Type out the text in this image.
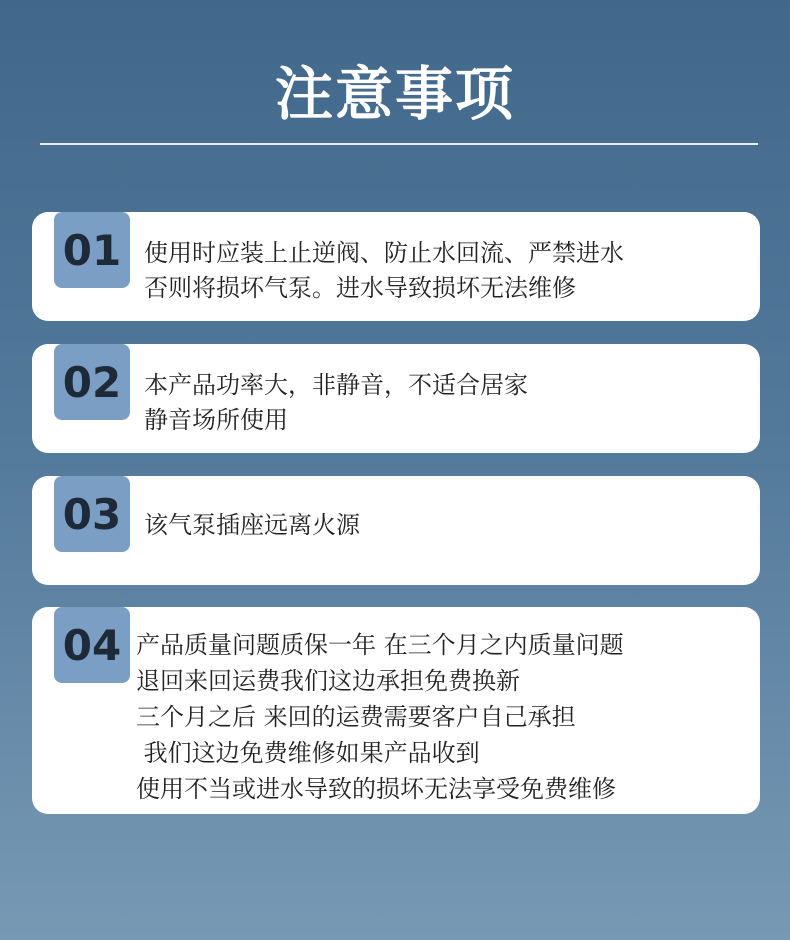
注意事项
01 使用时应装上止逆阀、防止水回流、严禁进水
否则将损坏气泵。进水导致损坏无法维修
02 本产品功率大，非静音，不适合居家
静音场所使用
03 该气泵插座远离火源
04 产品质量问题质保一年 在三个月之内质量问题
退回来回运费我们这边承担免费换新
三个月之后 来回的运费需要客户自己承担
我们这边免费维修如果产品收到
使用不当或进水导致的损坏无法享受免费维修
